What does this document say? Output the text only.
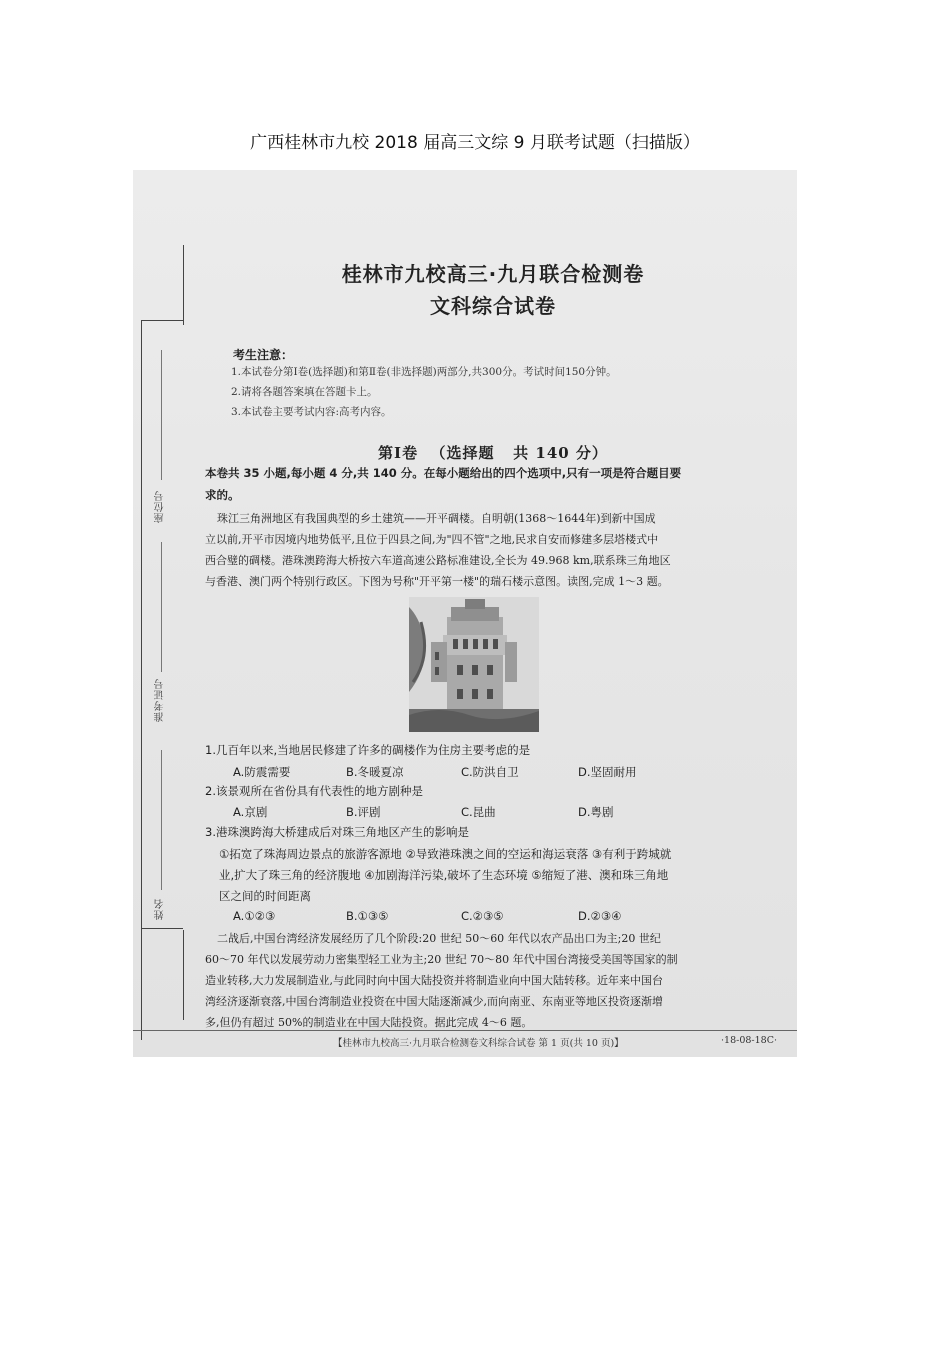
广西桂林市九校 2018 届高三文综 9 月联考试题（扫描版）
座位号
准考证号
姓名
桂林市九校高三·九月联合检测卷
文科综合试卷
考生注意：
1.本试卷分第Ⅰ卷(选择题)和第Ⅱ卷(非选择题)两部分,共300分。考试时间150分钟。
2.请将各题答案填在答题卡上。
3.本试卷主要考试内容:高考内容。
第Ⅰ卷  （选择题   共 140 分）
本卷共 35 小题,每小题 4 分,共 140 分。在每小题给出的四个选项中,只有一项是符合题目要
求的。
珠江三角洲地区有我国典型的乡土建筑——开平碉楼。自明朝(1368～1644年)到新中国成
立以前,开平市因境内地势低平,且位于四县之间,为"四不管"之地,民求自安而修建多层塔楼式中
西合璧的碉楼。港珠澳跨海大桥按六车道高速公路标准建设,全长为 49.968 km,联系珠三角地区
与香港、澳门两个特别行政区。下图为号称"开平第一楼"的瑞石楼示意图。读图,完成 1～3 题。
1.几百年以来,当地居民修建了许多的碉楼作为住房主要考虑的是
A.防震需要	B.冬暖夏凉	C.防洪自卫	D.坚固耐用
2.该景观所在省份具有代表性的地方剧种是
A.京剧	B.评剧	C.昆曲	D.粤剧
3.港珠澳跨海大桥建成后对珠三角地区产生的影响是
①拓宽了珠海周边景点的旅游客源地 ②导致港珠澳之间的空运和海运衰落 ③有利于跨城就
业,扩大了珠三角的经济腹地 ④加剧海洋污染,破坏了生态环境 ⑤缩短了港、澳和珠三角地
区之间的时间距离
A.①②③	B.①③⑤	C.②③⑤	D.②③④
二战后,中国台湾经济发展经历了几个阶段:20 世纪 50～60 年代以农产品出口为主;20 世纪
60～70 年代以发展劳动力密集型轻工业为主;20 世纪 70～80 年代中国台湾接受美国等国家的制
造业转移,大力发展制造业,与此同时向中国大陆投资并将制造业向中国大陆转移。近年来中国台
湾经济逐渐衰落,中国台湾制造业投资在中国大陆逐渐减少,而向南亚、东南亚等地区投资逐渐增
多,但仍有超过 50%的制造业在中国大陆投资。据此完成 4～6 题。
【桂林市九校高三·九月联合检测卷文科综合试卷 第 1 页(共 10 页)】	·18-08-18C·
